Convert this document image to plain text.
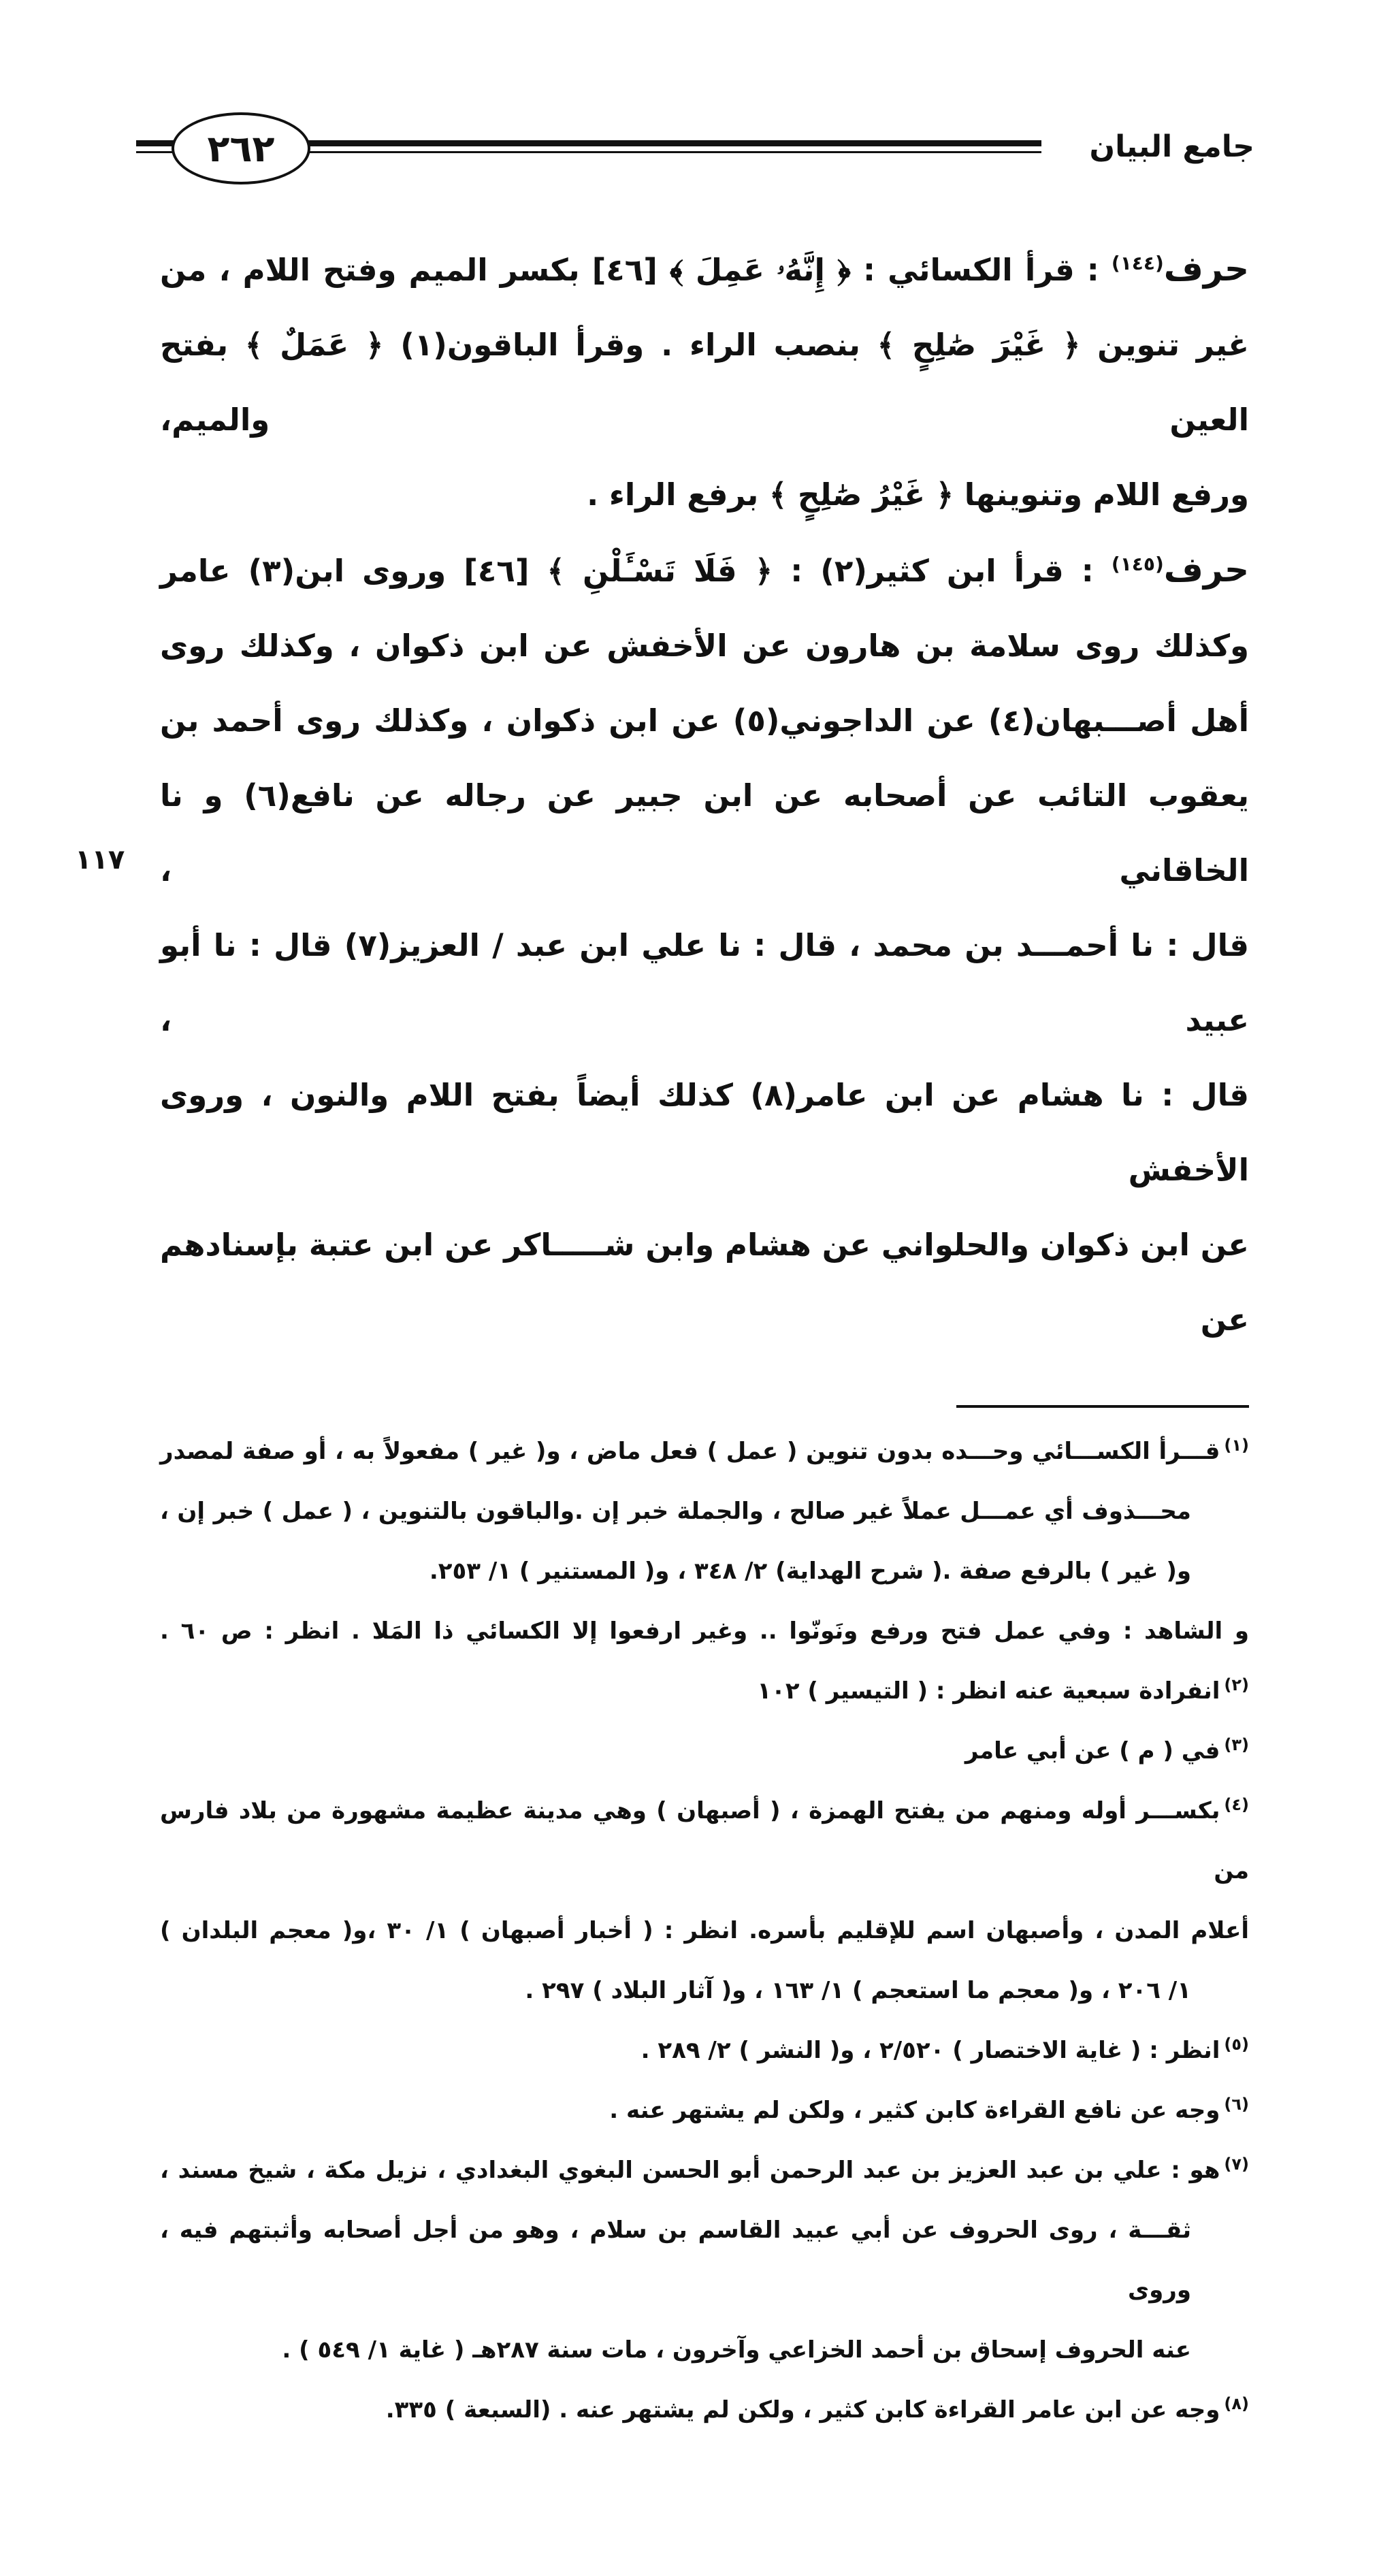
٢٦٢	جامع البيان
١١٧
حرف$^{(١٤٤)}$ : قرأ الكسائي : ﴿ إِنَّهُۥ عَمِلَ ﴾ [٤٦] بكسر الميم وفتح اللام ، من
غير تنوين ﴿ غَيْرَ صَٰلِحٍ ﴾ بنصب الراء . وقرأ الباقون(١) ﴿ عَمَلٌ ﴾ بفتح العين والميم،
ورفع اللام وتنوينها ﴿ غَيْرُ صَٰلِحٍ ﴾ برفع الراء .
حرف$^{(١٤٥)}$ : قرأ ابن كثير(٢) : ﴿ فَلَا تَسْـَٔلْنِ ﴾ [٤٦] وروى ابن(٣) عامر
وكذلك روى سلامة بن هارون عن الأخفش عن ابن ذكوان ، وكذلك روى
أهل أصـــبهان(٤) عن الداجوني(٥) عن ابن ذكوان ، وكذلك روى أحمد بن
يعقوب التائب عن أصحابه عن ابن جبير عن رجاله عن نافع(٦) و نا الخاقاني ،
قال : نا أحمـــد بن محمد ، قال : نا علي ابن عبد / العزيز(٧) قال : نا أبو عبيد ،
قال : نا هشام عن ابن عامر(٨) كذلك أيضاً بفتح اللام والنون ، وروى الأخفش
عن ابن ذكوان والحلواني عن هشام وابن شـــــاكر عن ابن عتبة بإسنادهم عن
$^{(١)}$قـــرأ الكســـائي وحـــده بدون تنوين ( عمل ) فعل ماض ، و( غير ) مفعولاً به ، أو صفة لمصدر
محـــذوف أي عمـــل عملاً غير صالح ، والجملة خبر إن .والباقون بالتنوين ، ( عمل ) خبر إن ،
و( غير ) بالرفع صفة .( شرح الهداية) ٢/ ٣٤٨ ، و( المستنير ) ١/ ٢٥٣.
و الشاهد : وفي عمل فتح ورفع ونَونّوا .. وغير ارفعوا إلا الكسائي ذا المَلا . انظر : ص ٦٠ .
$^{(٢)}$انفرادة سبعية عنه انظر : ( التيسير ) ١٠٢
$^{(٣)}$في ( م ) عن أبي عامر
$^{(٤)}$بكســـر أوله ومنهم من يفتح الهمزة ، ( أصبهان ) وهي مدينة عظيمة مشهورة من بلاد فارس من
أعلام المدن ، وأصبهان اسم للإقليم بأسره. انظر : ( أخبار أصبهان ) ١/ ٣٠ ،و( معجم البلدان )
١/ ٢٠٦ ، و( معجم ما استعجم ) ١/ ١٦٣ ، و( آثار البلاد ) ٢٩٧ .
$^{(٥)}$انظر : ( غاية الاختصار ) ٢/٥٢٠ ، و( النشر ) ٢/ ٢٨٩ .
$^{(٦)}$وجه عن نافع القراءة كابن كثير ، ولكن لم يشتهر عنه .
$^{(٧)}$هو : علي بن عبد العزيز بن عبد الرحمن أبو الحسن البغوي البغدادي ، نزيل مكة ، شيخ مسند ،
ثقـــة ، روى الحروف عن أبي عبيد القاسم بن سلام ، وهو من أجل أصحابه وأثبتهم فيه ، وروى
عنه الحروف إسحاق بن أحمد الخزاعي وآخرون ، مات سنة ٢٨٧هـ ( غاية ١/ ٥٤٩ ) .
$^{(٨)}$وجه عن ابن عامر القراءة كابن كثير ، ولكن لم يشتهر عنه . (السبعة ) ٣٣٥.
